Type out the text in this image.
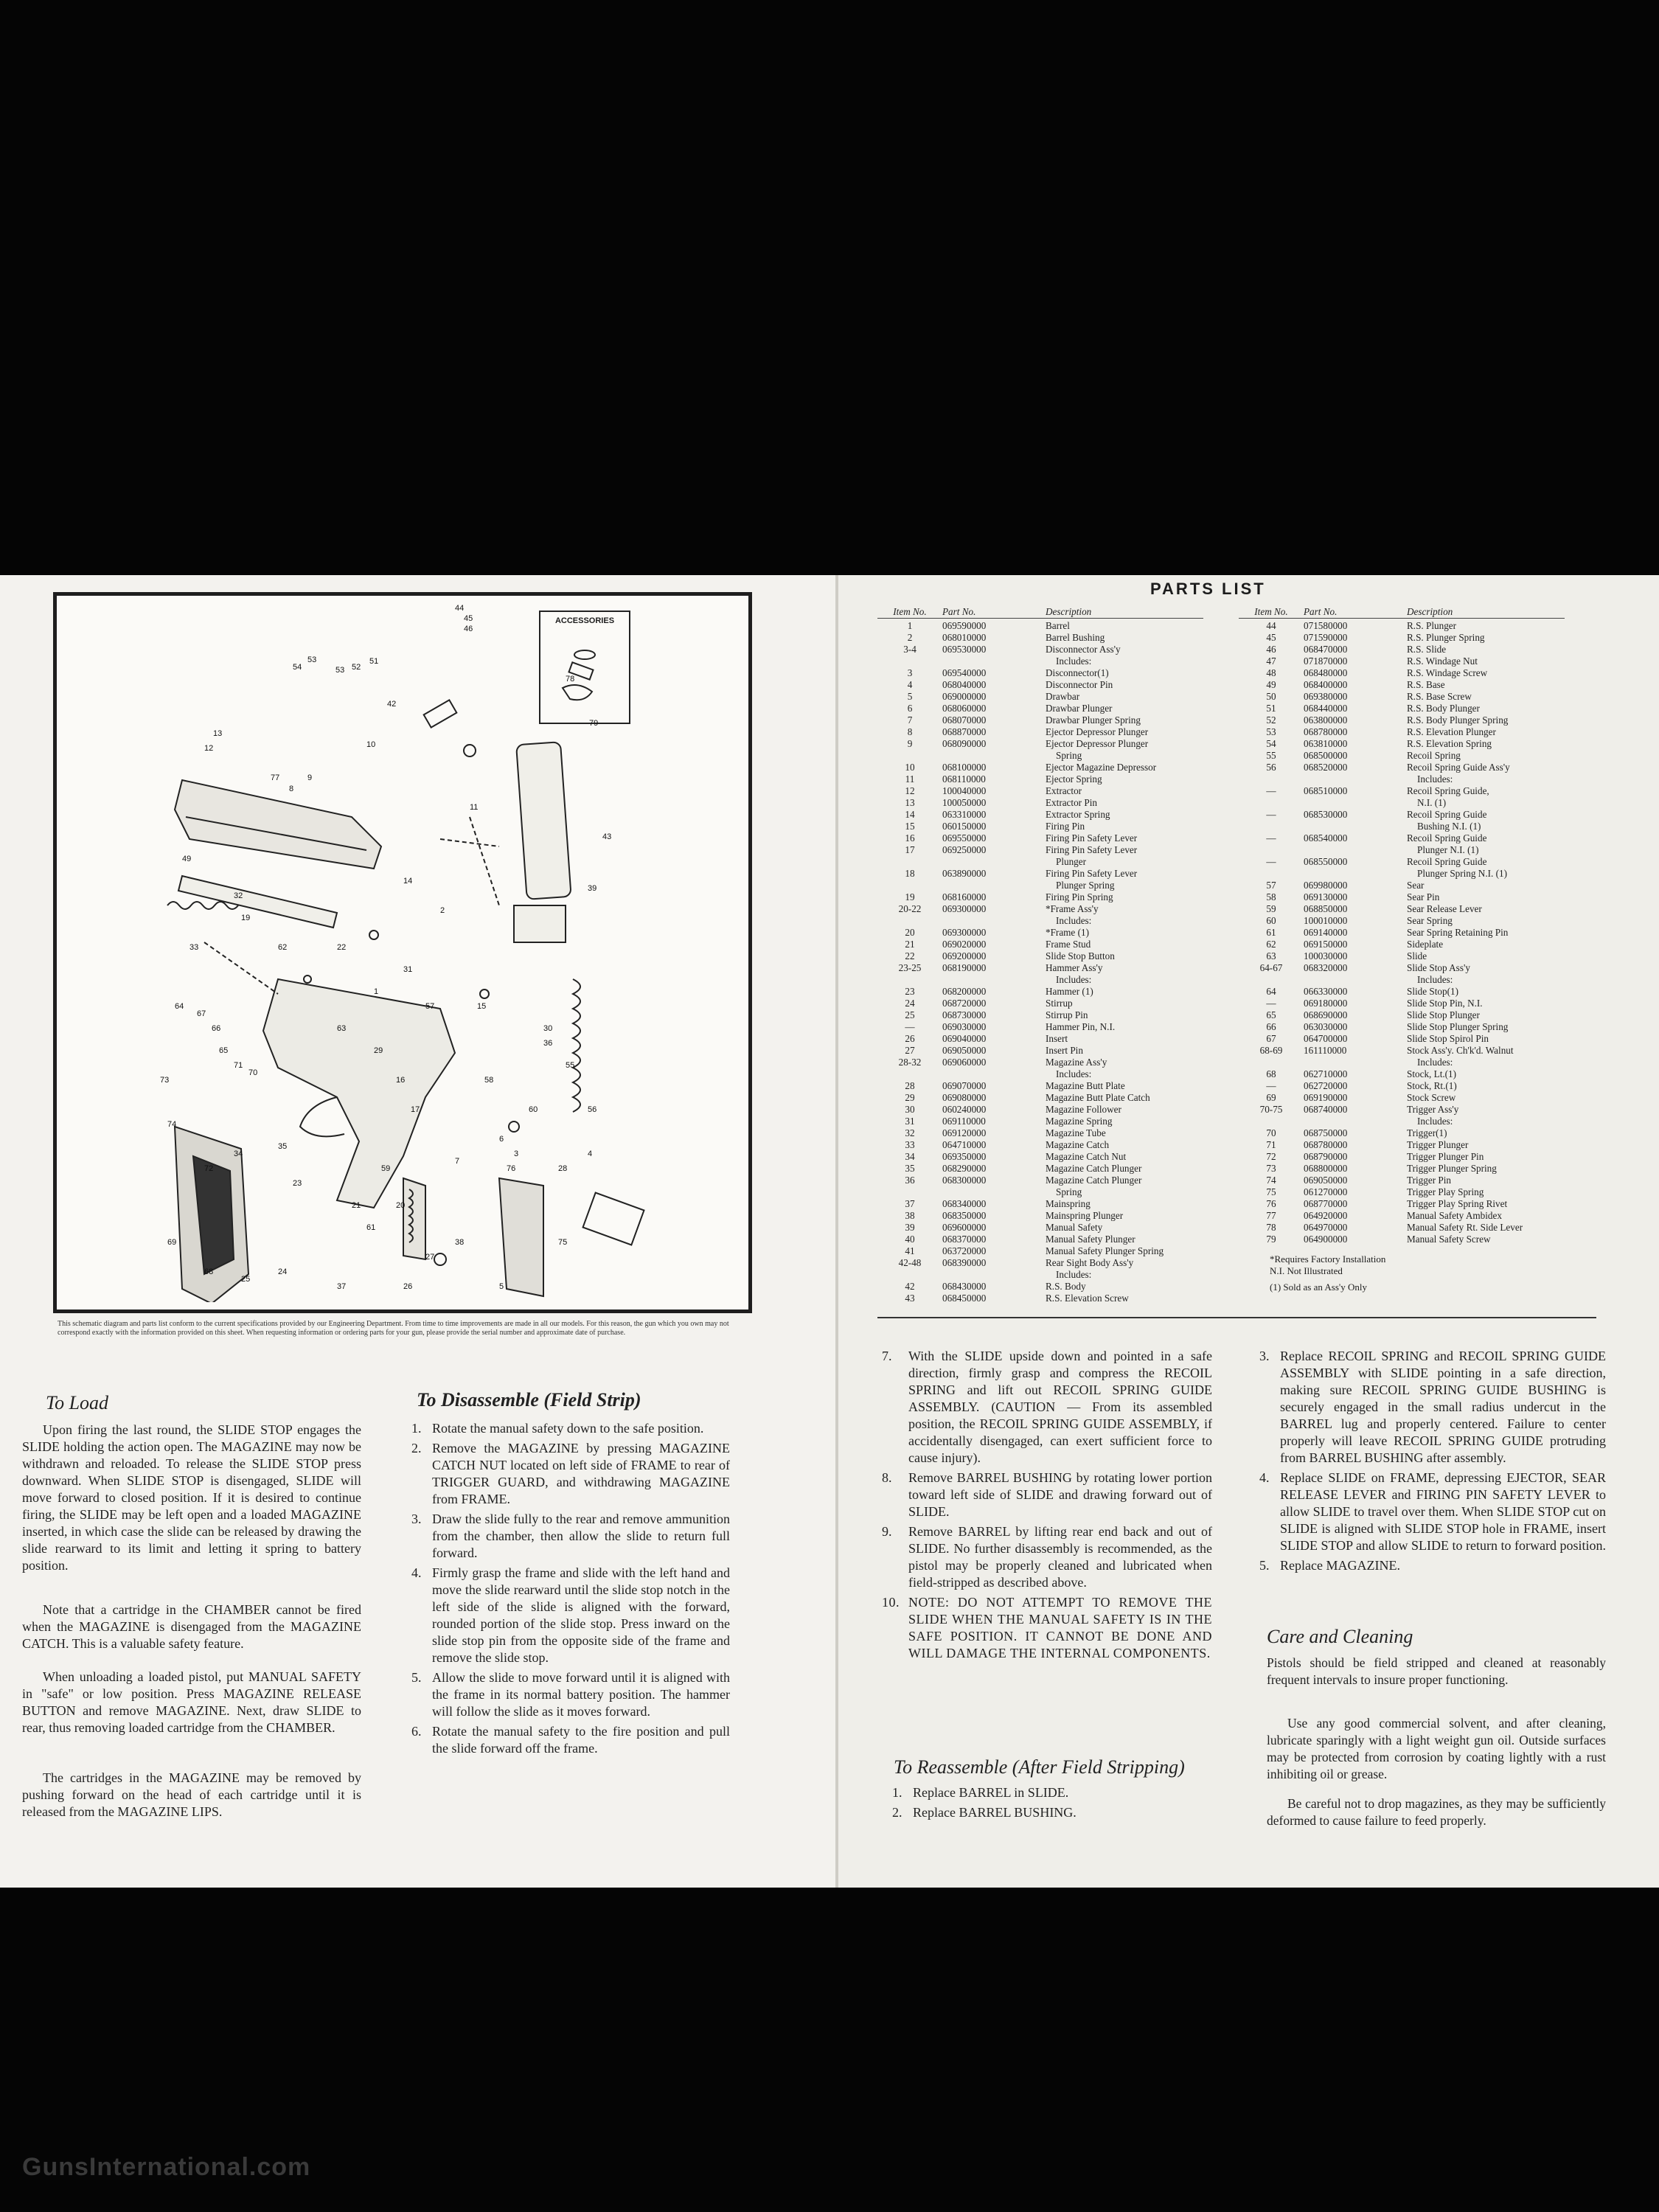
ACCESSORIES
44
45
46
53
53 52
51
54
12
13
42
78
79
77
8
9
10
11
43
49
32
14
2
19
15
1
63	30
55
56
4
39
33	62
31
58
57
64
67
66
65
71
70
73
36
29
60
3
74
72
34
35
59
75
28
76
23
21	20
61
27
38
69
68
25
24
37	26	5
22
16
17
6
7
This schematic diagram and parts list conform to the current specifications provided by our Engineering Department. From time to time improvements are made in all our models. For this reason, the gun which you own may not correspond exactly with the information provided on this sheet. When requesting information or ordering parts for your gun, please provide the serial number and approximate date of purchase.
To Load
Upon firing the last round, the SLIDE STOP engages the SLIDE holding the action open. The MAGAZINE may now be withdrawn and reloaded. To release the SLIDE STOP press downward. When SLIDE STOP is disengaged, SLIDE will move forward to closed position. If it is desired to continue firing, the SLIDE may be left open and a loaded MAGAZINE inserted, in which case the slide can be released by drawing the slide rearward to its limit and letting it spring to battery position.
Note that a cartridge in the CHAMBER cannot be fired when the MAGAZINE is disengaged from the MAGAZINE CATCH. This is a valuable safety feature.
When unloading a loaded pistol, put MANUAL SAFETY in "safe" or low position. Press MAGAZINE RELEASE BUTTON and remove MAGAZINE. Next, draw SLIDE to rear, thus removing loaded cartridge from the CHAMBER.
The cartridges in the MAGAZINE may be removed by pushing forward on the head of each cartridge until it is released from the MAGAZINE LIPS.
To Disassemble (Field Strip)
1. Rotate the manual safety down to the safe position.
2. Remove the MAGAZINE by pressing MAGAZINE CATCH NUT located on left side of FRAME to rear of TRIGGER GUARD, and withdrawing MAGAZINE from FRAME.
3. Draw the slide fully to the rear and remove ammunition from the chamber, then allow the slide to return full forward.
4. Firmly grasp the frame and slide with the left hand and move the slide rearward until the slide stop notch in the left side of the slide is aligned with the forward, rounded portion of the slide stop. Press inward on the slide stop pin from the opposite side of the frame and remove the slide stop.
5. Allow the slide to move forward until it is aligned with the frame in its normal battery position. The hammer will follow the slide as it moves forward.
6. Rotate the manual safety to the fire position and pull the slide forward off the frame.
PARTS LIST
Item No.	Part No.	Description
1	069590000	Barrel
2	068010000	Barrel Bushing
3-4	069530000	Disconnector Ass'y
Includes:
3	069540000	Disconnector(1)
4	068040000	Disconnector Pin
5	069000000	Drawbar
6	068060000	Drawbar Plunger
7	068070000	Drawbar Plunger Spring
8	068870000	Ejector Depressor Plunger
9	068090000	Ejector Depressor Plunger
Spring
10	068100000	Ejector Magazine Depressor
11	068110000	Ejector Spring
12	100040000	Extractor
13	100050000	Extractor Pin
14	063310000	Extractor Spring
15	060150000	Firing Pin
16	069550000	Firing Pin Safety Lever
17	069250000	Firing Pin Safety Lever
Plunger
18	063890000	Firing Pin Safety Lever
Plunger Spring
19	068160000	Firing Pin Spring
20-22	069300000	*Frame Ass'y
Includes:
20	069300000	*Frame (1)
21	069020000	Frame Stud
22	069200000	Slide Stop Button
23-25	068190000	Hammer Ass'y
Includes:
23	068200000	Hammer (1)
24	068720000	Stirrup
25	068730000	Stirrup Pin
—	069030000	Hammer Pin, N.I.
26	069040000	Insert
27	069050000	Insert Pin
28-32	069060000	Magazine Ass'y
Includes:
28	069070000	Magazine Butt Plate
29	069080000	Magazine Butt Plate Catch
30	060240000	Magazine Follower
31	069110000	Magazine Spring
32	069120000	Magazine Tube
33	064710000	Magazine Catch
34	069350000	Magazine Catch Nut
35	068290000	Magazine Catch Plunger
36	068300000	Magazine Catch Plunger
Spring
37	068340000	Mainspring
38	068350000	Mainspring Plunger
39	069600000	Manual Safety
40	068370000	Manual Safety Plunger
41	063720000	Manual Safety Plunger Spring
42-48	068390000	Rear Sight Body Ass'y
Includes:
42	068430000	R.S. Body
43	068450000	R.S. Elevation Screw
Item No.	Part No.	Description
44	071580000	R.S. Plunger
45	071590000	R.S. Plunger Spring
46	068470000	R.S. Slide
47	071870000	R.S. Windage Nut
48	068480000	R.S. Windage Screw
49	068400000	R.S. Base
50	069380000	R.S. Base Screw
51	068440000	R.S. Body Plunger
52	063800000	R.S. Body Plunger Spring
53	068780000	R.S. Elevation Plunger
54	063810000	R.S. Elevation Spring
55	068500000	Recoil Spring
56	068520000	Recoil Spring Guide Ass'y
Includes:
—	068510000	Recoil Spring Guide,
N.I. (1)
—	068530000	Recoil Spring Guide
Bushing N.I. (1)
—	068540000	Recoil Spring Guide
Plunger N.I. (1)
—	068550000	Recoil Spring Guide
Plunger Spring N.I. (1)
57	069980000	Sear
58	069130000	Sear Pin
59	068850000	Sear Release Lever
60	100010000	Sear Spring
61	069140000	Sear Spring Retaining Pin
62	069150000	Sideplate
63	100030000	Slide
64-67	068320000	Slide Stop Ass'y
Includes:
64	066330000	Slide Stop(1)
—	069180000	Slide Stop Pin, N.I.
65	068690000	Slide Stop Plunger
66	063030000	Slide Stop Plunger Spring
67	064700000	Slide Stop Spirol Pin
68-69	161110000	Stock Ass'y. Ch'k'd. Walnut
Includes:
68	062710000	Stock, Lt.(1)
—	062720000	Stock, Rt.(1)
69	069190000	Stock Screw
70-75	068740000	Trigger Ass'y
Includes:
70	068750000	Trigger(1)
71	068780000	Trigger Plunger
72	068790000	Trigger Plunger Pin
73	068800000	Trigger Plunger Spring
74	069050000	Trigger Pin
75	061270000	Trigger Play Spring
76	068770000	Trigger Play Spring Rivet
77	064920000	Manual Safety Ambidex
78	064970000	Manual Safety Rt. Side Lever
79	064900000	Manual Safety Screw
*Requires Factory Installation
N.I. Not Illustrated
(1) Sold as an Ass'y Only
7. With the SLIDE upside down and pointed in a safe direction, firmly grasp and compress the RECOIL SPRING and lift out RECOIL SPRING GUIDE ASSEMBLY. (CAUTION — From its assembled position, the RECOIL SPRING GUIDE ASSEMBLY, if accidentally disengaged, can exert sufficient force to cause injury).
8. Remove BARREL BUSHING by rotating lower portion toward left side of SLIDE and drawing forward out of SLIDE.
9. Remove BARREL by lifting rear end back and out of SLIDE. No further disassembly is recommended, as the pistol may be properly cleaned and lubricated when field-stripped as described above.
10. NOTE: DO NOT ATTEMPT TO REMOVE THE SLIDE WHEN THE MANUAL SAFETY IS IN THE SAFE POSITION. IT CANNOT BE DONE AND WILL DAMAGE THE INTERNAL COMPONENTS.
To Reassemble (After Field Stripping)
1. Replace BARREL in SLIDE.
2. Replace BARREL BUSHING.
3. Replace RECOIL SPRING and RECOIL SPRING GUIDE ASSEMBLY with SLIDE pointing in a safe direction, making sure RECOIL SPRING GUIDE BUSHING is securely engaged in the small radius undercut in the BARREL lug and properly centered. Failure to center properly will leave RECOIL SPRING GUIDE protruding from BARREL BUSHING after assembly.
4. Replace SLIDE on FRAME, depressing EJECTOR, SEAR RELEASE LEVER and FIRING PIN SAFETY LEVER to allow SLIDE to travel over them. When SLIDE STOP cut on SLIDE is aligned with SLIDE STOP hole in FRAME, insert SLIDE STOP and allow SLIDE to return to forward position.
5. Replace MAGAZINE.
Care and Cleaning
Pistols should be field stripped and cleaned at reasonably frequent intervals to insure proper functioning.
Use any good commercial solvent, and after cleaning, lubricate sparingly with a light weight gun oil. Outside surfaces may be protected from corrosion by coating lightly with a rust inhibiting oil or grease.
Be careful not to drop magazines, as they may be sufficiently deformed to cause failure to feed properly.
GunsInternational.com
